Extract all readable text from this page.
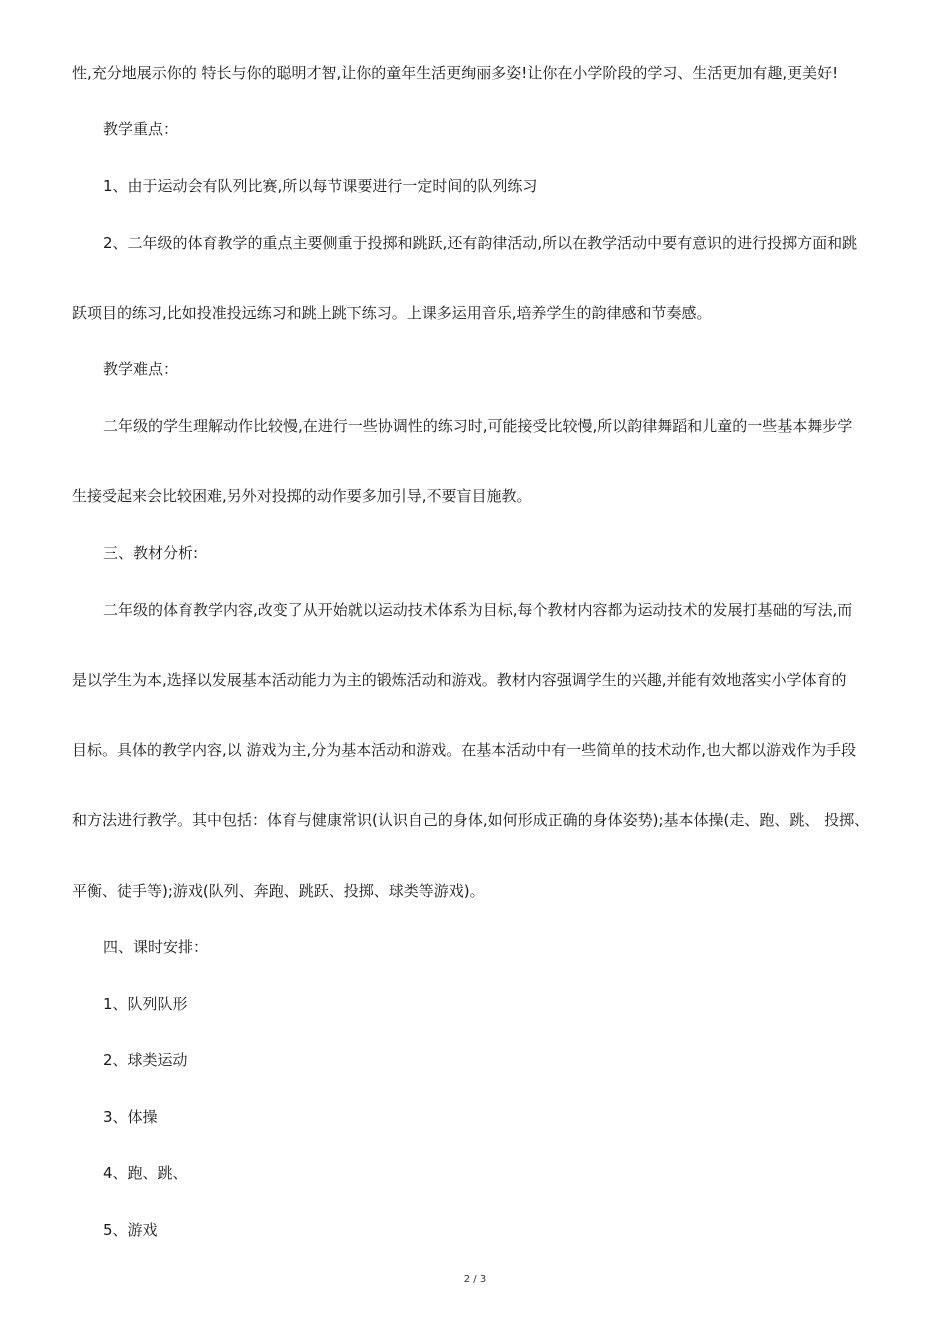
性,充分地展示你的 特长与你的聪明才智,让你的童年生活更绚丽多姿!让你在小学阶段的学习、生活更加有趣,更美好!
教学重点：
1、由于运动会有队列比赛,所以每节课要进行一定时间的队列练习
2、二年级的体育教学的重点主要侧重于投掷和跳跃,还有韵律活动,所以在教学活动中要有意识的进行投掷方面和跳
跃项目的练习,比如投准投远练习和跳上跳下练习。上课多运用音乐,培养学生的韵律感和节奏感。
教学难点：
二年级的学生理解动作比较慢,在进行一些协调性的练习时,可能接受比较慢,所以韵律舞蹈和儿童的一些基本舞步学
生接受起来会比较困难,另外对投掷的动作要多加引导,不要盲目施教。
三、教材分析:
二年级的体育教学内容,改变了从开始就以运动技术体系为目标,每个教材内容都为运动技术的发展打基础的写法,而
是以学生为本,选择以发展基本活动能力为主的锻炼活动和游戏。教材内容强调学生的兴趣,并能有效地落实小学体育的
目标。具体的教学内容,以 游戏为主,分为基本活动和游戏。在基本活动中有一些简单的技术动作,也大都以游戏作为手段
和方法进行教学。其中包括：体育与健康常识(认识自己的身体,如何形成正确的身体姿势);基本体操(走、跑、跳、 投掷、
平衡、徒手等);游戏(队列、奔跑、跳跃、投掷、球类等游戏)。
四、课时安排：
1、队列队形
2、球类运动
3、体操
4、跑、跳、
5、游戏
2 / 3
